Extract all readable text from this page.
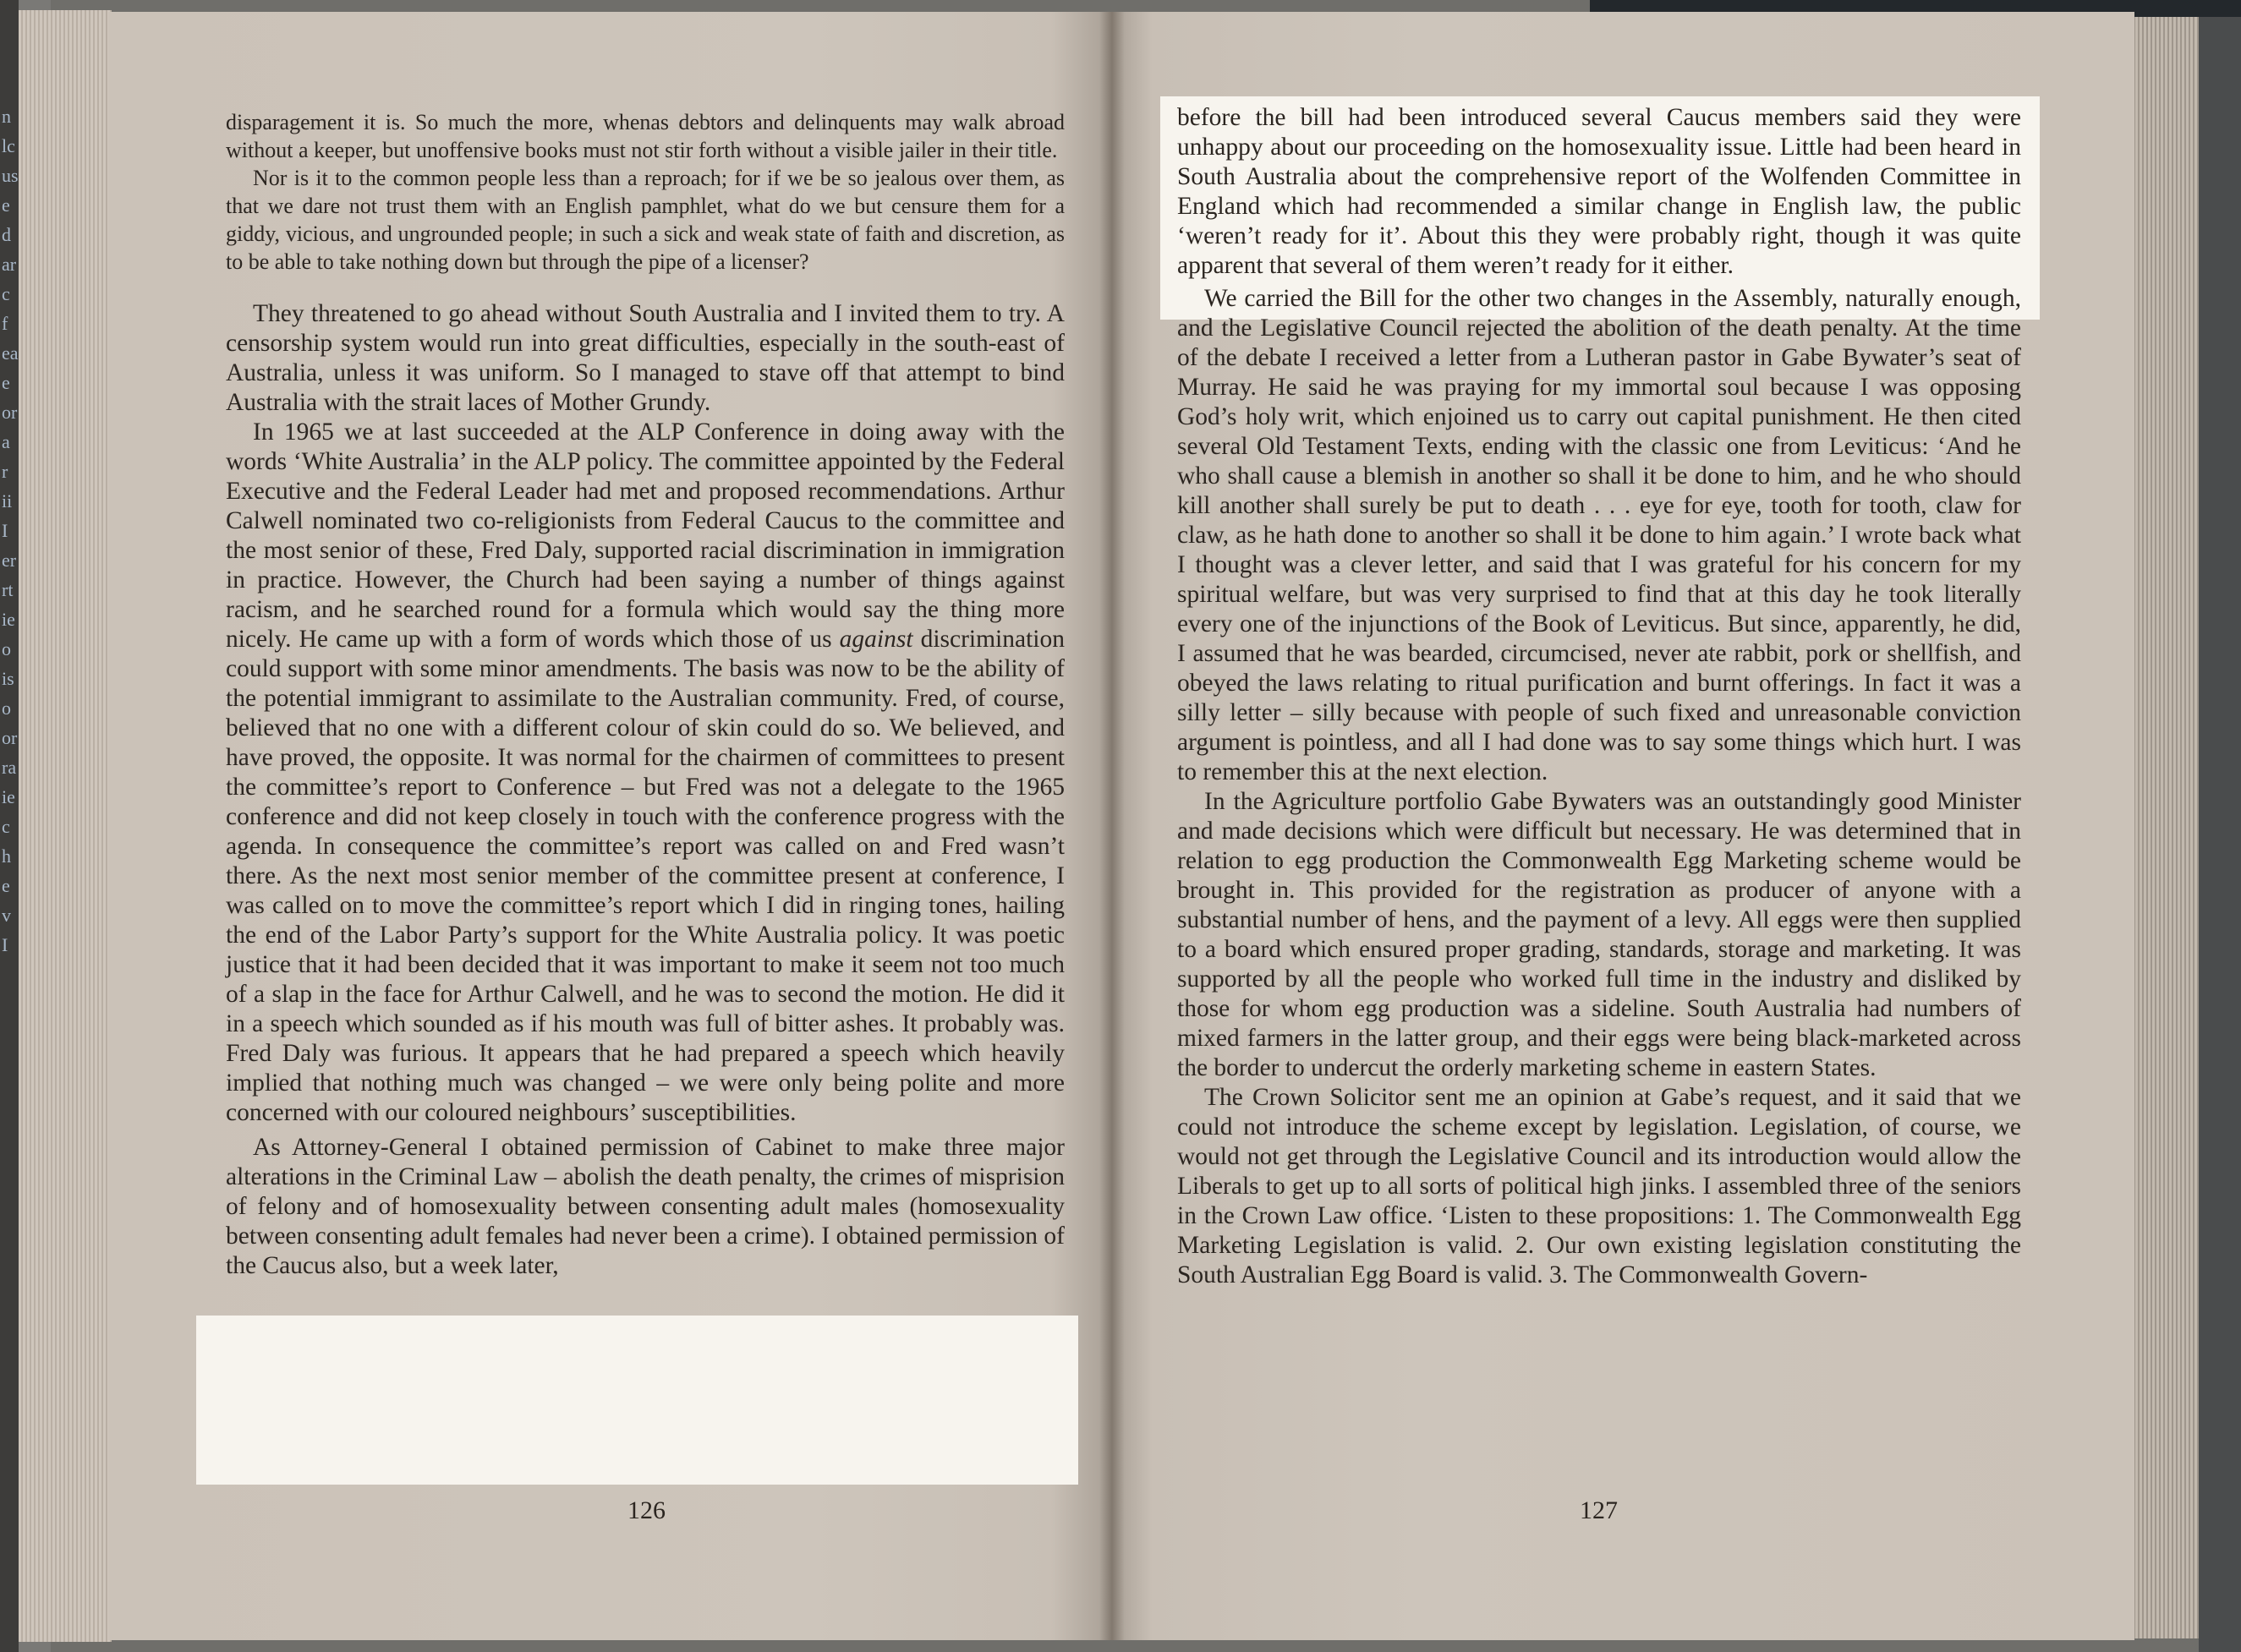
n
lc
us
e
d
ar
c
f
ea
e
or
a
r
ii
I
er
rt
ie
o
is
o
or
ra
ie
c
h
e
v
I

disparagement it is. So much the more, whenas debtors and delinquents may walk abroad without a keeper, but unoffensive books must not stir forth without a visible jailer in their title.

Nor is it to the common people less than a reproach; for if we be so jealous over them, as that we dare not trust them with an English pamphlet, what do we but censure them for a giddy, vicious, and ungrounded people; in such a sick and weak state of faith and discretion, as to be able to take nothing down but through the pipe of a licenser?

They threatened to go ahead without South Australia and I invited them to try. A censorship system would run into great difficulties, especially in the south-east of Australia, unless it was uniform. So I managed to stave off that attempt to bind Australia with the strait laces of Mother Grundy.

In 1965 we at last succeeded at the ALP Conference in doing away with the words ‘White Australia’ in the ALP policy. The committee appointed by the Federal Executive and the Federal Leader had met and proposed recommendations. Arthur Calwell nominated two co-religionists from Federal Caucus to the committee and the most senior of these, Fred Daly, supported racial discrimination in immigration in practice. However, the Church had been saying a number of things against racism, and he searched round for a formula which would say the thing more nicely. He came up with a form of words which those of us against discrimination could support with some minor amendments. The basis was now to be the ability of the potential immigrant to assimilate to the Australian community. Fred, of course, believed that no one with a different colour of skin could do so. We believed, and have proved, the opposite. It was normal for the chairmen of committees to present the committee’s report to Conference – but Fred was not a delegate to the 1965 conference and did not keep closely in touch with the conference progress with the agenda. In consequence the committee’s report was called on and Fred wasn’t there. As the next most senior member of the committee present at conference, I was called on to move the committee’s report which I did in ringing tones, hailing the end of the Labor Party’s support for the White Australia policy. It was poetic justice that it had been decided that it was important to make it seem not too much of a slap in the face for Arthur Calwell, and he was to second the motion. He did it in a speech which sounded as if his mouth was full of bitter ashes. It probably was. Fred Daly was furious. It appears that he had prepared a speech which heavily implied that nothing much was changed – we were only being polite and more concerned with our coloured neighbours’ susceptibilities.

As Attorney-General I obtained permission of Cabinet to make three major alterations in the Criminal Law – abolish the death penalty, the crimes of misprision of felony and of homosexuality between consenting adult males (homosexuality between consenting adult females had never been a crime). I obtained permission of the Caucus also, but a week later,

before the bill had been introduced several Caucus members said they were unhappy about our proceeding on the homosexuality issue. Little had been heard in South Australia about the comprehensive report of the Wolfenden Committee in England which had recommended a similar change in English law, the public ‘weren’t ready for it’. About this they were probably right, though it was quite apparent that several of them weren’t ready for it either.

We carried the Bill for the other two changes in the Assembly, naturally enough, and the Legislative Council rejected the abolition of the death penalty. At the time of the debate I received a letter from a Lutheran pastor in Gabe Bywater’s seat of Murray. He said he was praying for my immortal soul because I was opposing God’s holy writ, which enjoined us to carry out capital punishment. He then cited several Old Testament Texts, ending with the classic one from Leviticus: ‘And he who shall cause a blemish in another so shall it be done to him, and he who should kill another shall surely be put to death . . . eye for eye, tooth for tooth, claw for claw, as he hath done to another so shall it be done to him again.’ I wrote back what I thought was a clever letter, and said that I was grateful for his concern for my spiritual welfare, but was very surprised to find that at this day he took literally every one of the injunctions of the Book of Leviticus. But since, apparently, he did, I assumed that he was bearded, circumcised, never ate rabbit, pork or shellfish, and obeyed the laws relating to ritual purification and burnt offerings. In fact it was a silly letter – silly because with people of such fixed and unreasonable conviction argument is pointless, and all I had done was to say some things which hurt. I was to remember this at the next election.

In the Agriculture portfolio Gabe Bywaters was an outstandingly good Minister and made decisions which were difficult but necessary. He was determined that in relation to egg production the Commonwealth Egg Marketing scheme would be brought in. This provided for the registration as producer of anyone with a substantial number of hens, and the payment of a levy. All eggs were then supplied to a board which ensured proper grading, standards, storage and marketing. It was supported by all the people who worked full time in the industry and disliked by those for whom egg production was a sideline. South Australia had numbers of mixed farmers in the latter group, and their eggs were being black-marketed across the border to undercut the orderly marketing scheme in eastern States.

The Crown Solicitor sent me an opinion at Gabe’s request, and it said that we could not introduce the scheme except by legislation. Legislation, of course, we would not get through the Legislative Council and its introduction would allow the Liberals to get up to all sorts of political high jinks. I assembled three of the seniors in the Crown Law office. ‘Listen to these propositions: 1. The Commonwealth Egg Marketing Legislation is valid. 2. Our own existing legislation constituting the South Australian Egg Board is valid. 3. The Commonwealth Govern-

126	127
